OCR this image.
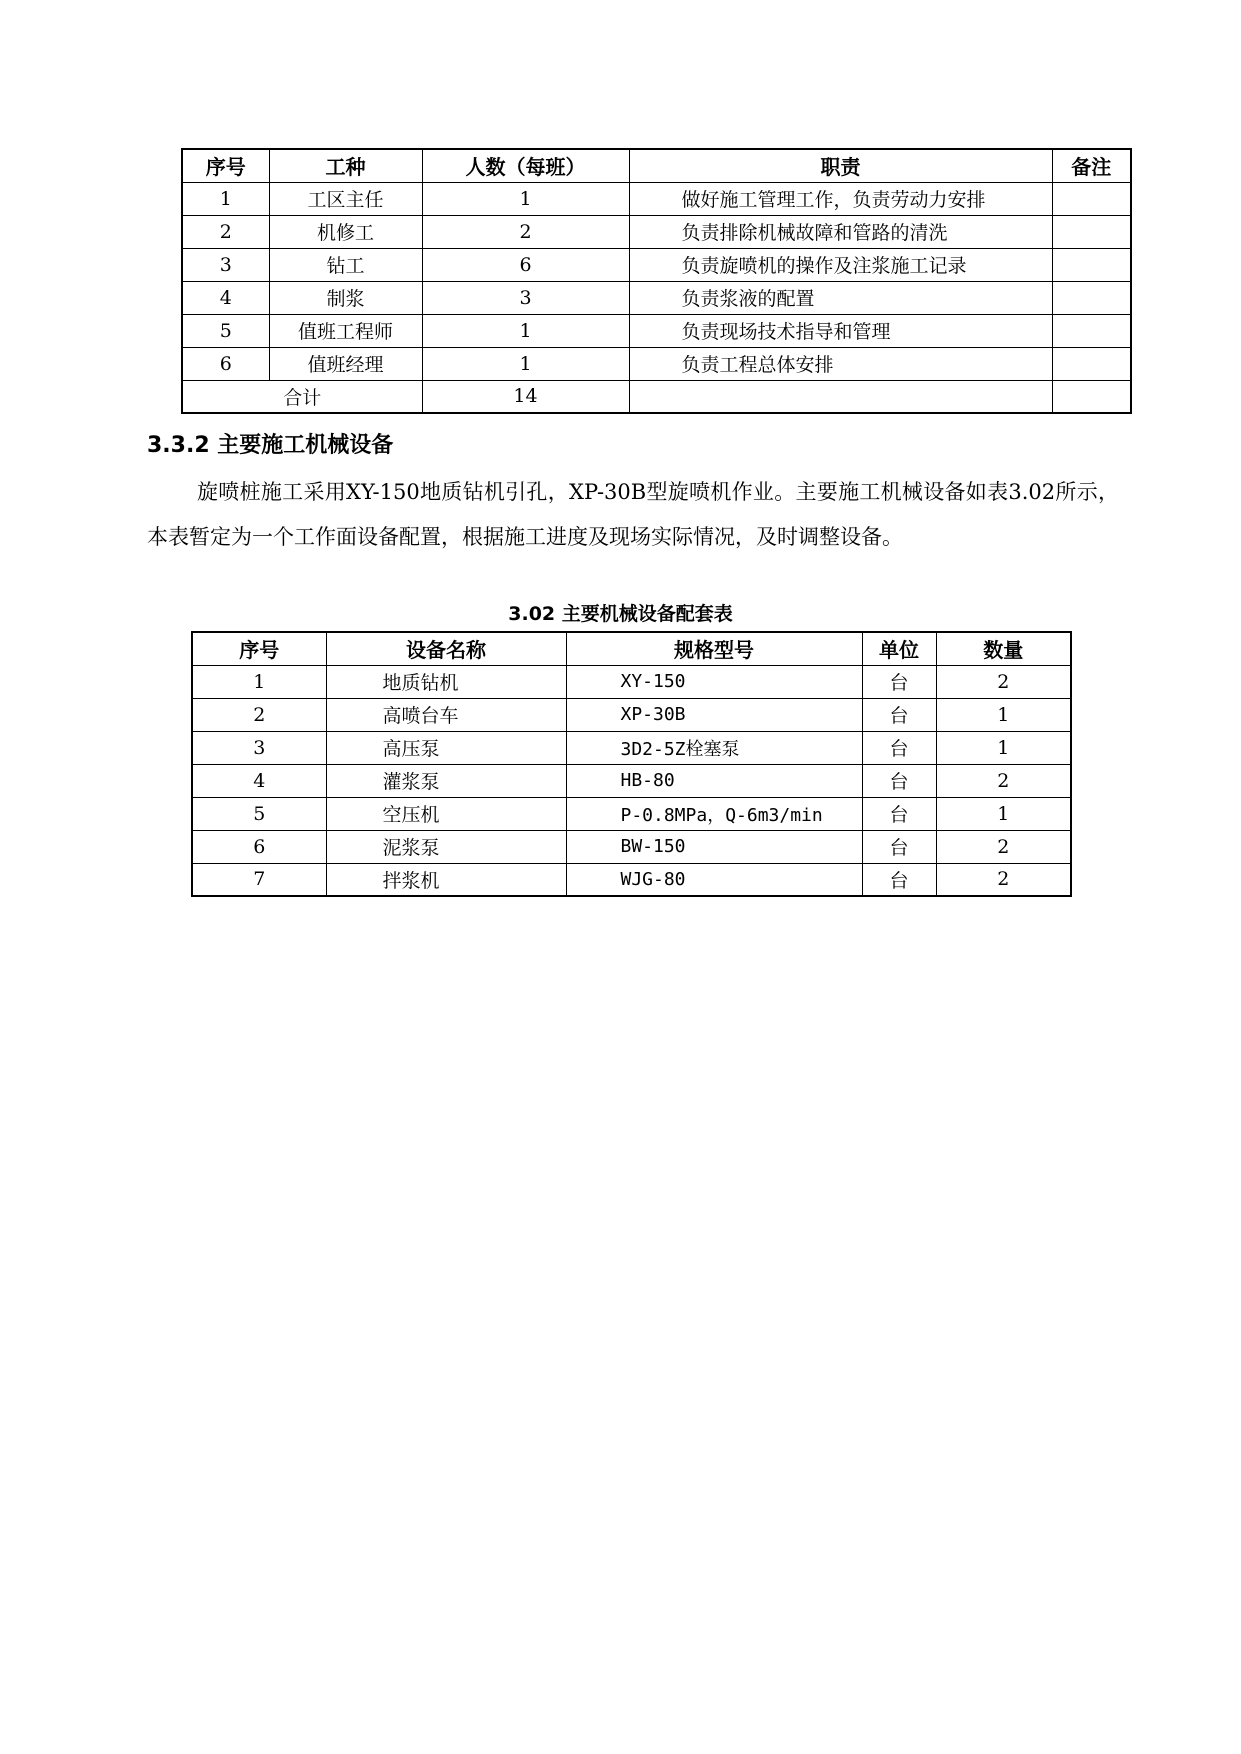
序号	工种	人数（每班）	职责	备注
1	工区主任	1	做好施工管理工作，负责劳动力安排	
2	机修工	2	负责排除机械故障和管路的清洗	
3	钻工	6	负责旋喷机的操作及注浆施工记录	
4	制浆	3	负责浆液的配置	
5	值班工程师	1	负责现场技术指导和管理	
6	值班经理	1	负责工程总体安排	
合计		14		
3.3.2 主要施工机械设备

旋喷桩施工采用XY-150地质钻机引孔，XP-30B型旋喷机作业。主要施工机械设备如表3.02所示，本表暂定为一个工作面设备配置，根据施工进度及现场实际情况，及时调整设备。

3.02 主要机械设备配套表

序号	设备名称	规格型号	单位	数量
1	地质钻机	XY-150	台	2
2	高喷台车	XP-30B	台	1
3	高压泵	3D2-5Z栓塞泵	台	1
4	灌浆泵	HB-80	台	2
5	空压机	P-0.8MPa，Q-6m3/min	台	1
6	泥浆泵	BW-150	台	2
7	拌浆机	WJG-80	台	2
